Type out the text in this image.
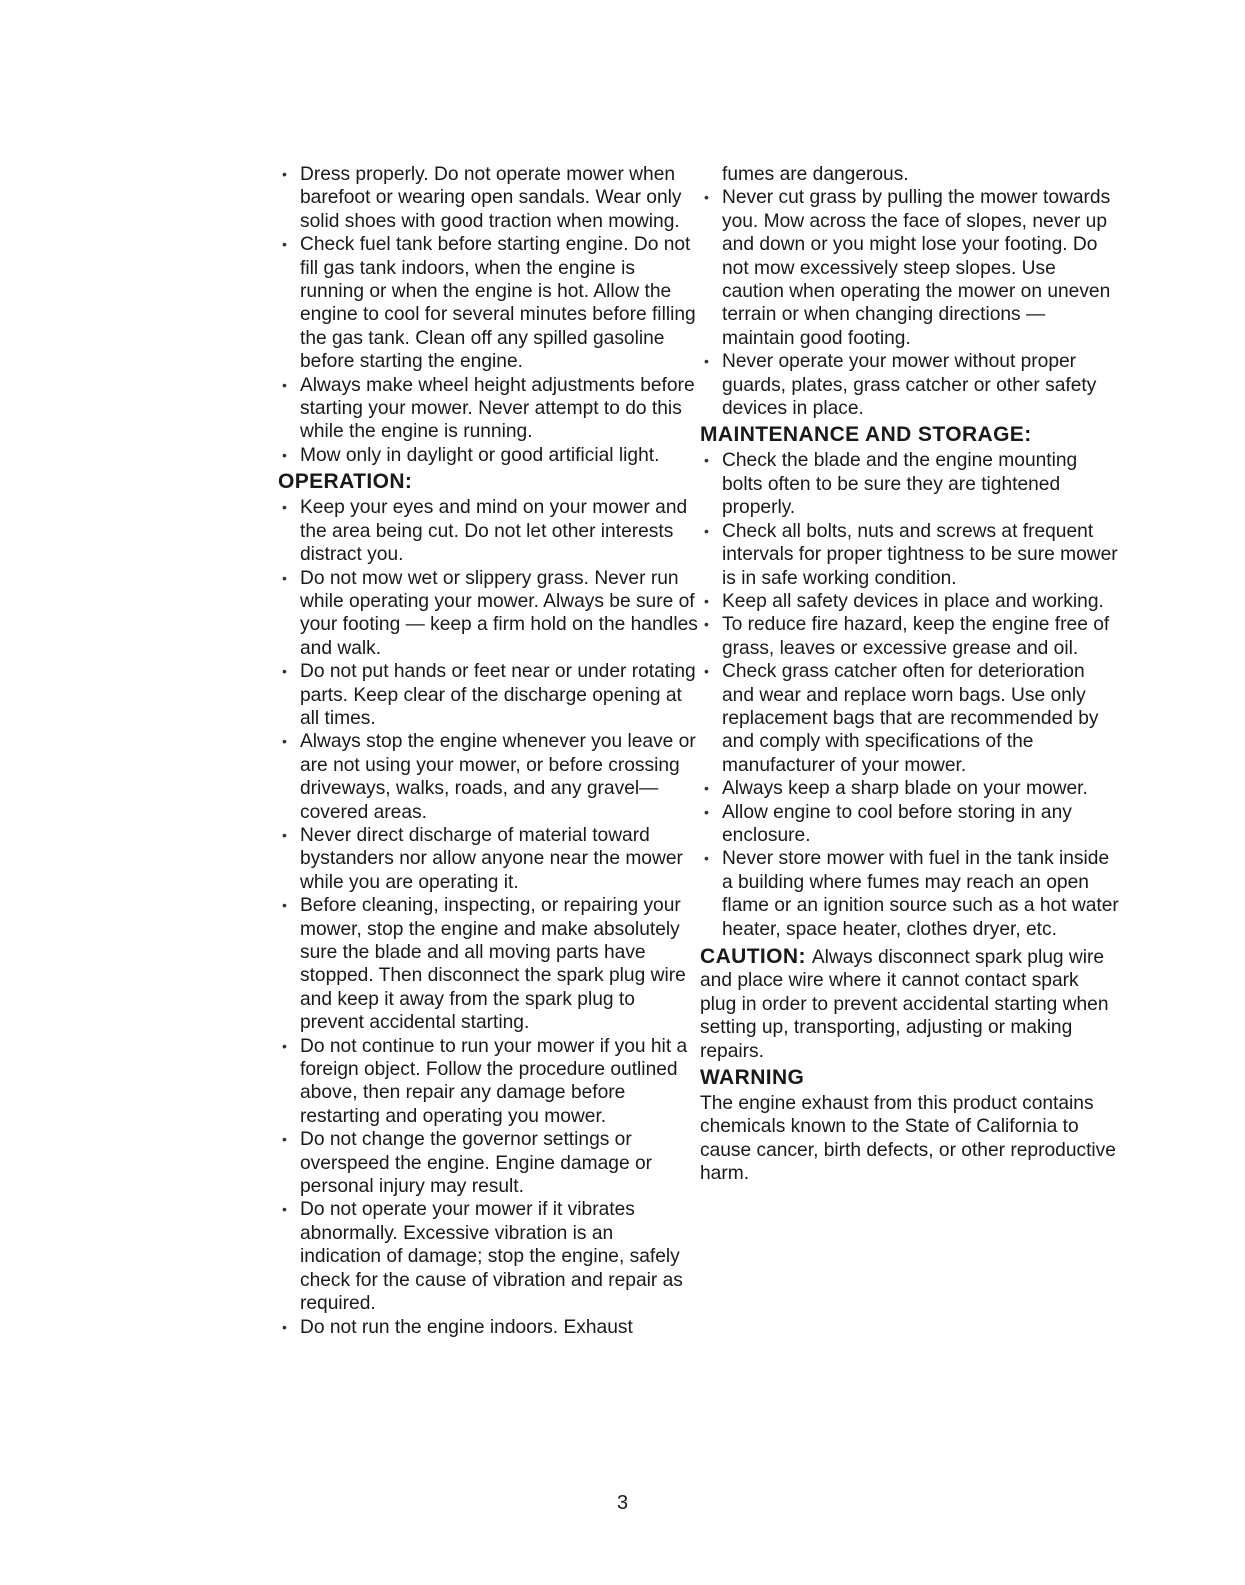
• Dress properly. Do not operate mower when barefoot or wearing open sandals. Wear only solid shoes with good traction when mowing.
• Check fuel tank before starting engine. Do not fill gas tank indoors, when the engine is running or when the engine is hot. Allow the engine to cool for several minutes before filling the gas tank. Clean off any spilled gasoline before starting the engine.
• Always make wheel height adjustments before starting your mower. Never attempt to do this while the engine is running.
• Mow only in daylight or good artificial light.
OPERATION:
• Keep your eyes and mind on your mower and the area being cut. Do not let other interests distract you.
• Do not mow wet or slippery grass. Never run while operating your mower. Always be sure of your footing — keep a firm hold on the handles and walk.
• Do not put hands or feet near or under rotating parts. Keep clear of the discharge opening at all times.
• Always stop the engine whenever you leave or are not using your mower, or before crossing driveways, walks, roads, and any gravel—covered areas.
• Never direct discharge of material toward bystanders nor allow anyone near the mower while you are operating it.
• Before cleaning, inspecting, or repairing your mower, stop the engine and make absolutely sure the blade and all moving parts have stopped. Then disconnect the spark plug wire and keep it away from the spark plug to prevent accidental starting.
• Do not continue to run your mower if you hit a foreign object. Follow the procedure outlined above, then repair any damage before restarting and operating you mower.
• Do not change the governor settings or overspeed the engine. Engine damage or personal injury may result.
• Do not operate your mower if it vibrates abnormally. Excessive vibration is an indication of damage; stop the engine, safely check for the cause of vibration and repair as required.
• Do not run the engine indoors. Exhaust

fumes are dangerous.

• Never cut grass by pulling the mower towards you. Mow across the face of slopes, never up and down or you might lose your footing. Do not mow excessively steep slopes. Use caution when operating the mower on uneven terrain or when changing directions — maintain good footing.
• Never operate your mower without proper guards, plates, grass catcher or other safety devices in place.
MAINTENANCE AND STORAGE:
• Check the blade and the engine mounting bolts often to be sure they are tightened properly.
• Check all bolts, nuts and screws at frequent intervals for proper tightness to be sure mower is in safe working condition.
• Keep all safety devices in place and working.
• To reduce fire hazard, keep the engine free of grass, leaves or excessive grease and oil.
• Check grass catcher often for deterioration and wear and replace worn bags. Use only replacement bags that are recommended by and comply with specifications of the manufacturer of your mower.
• Always keep a sharp blade on your mower.
• Allow engine to cool before storing in any enclosure.
• Never store mower with fuel in the tank inside a building where fumes may reach an open flame or an ignition source such as a hot water heater, space heater, clothes dryer, etc.

CAUTION: Always disconnect spark plug wire and place wire where it cannot contact spark plug in order to prevent accidental starting when setting up, transporting, adjusting or making repairs.

WARNING

The engine exhaust from this product contains chemicals known to the State of California to cause cancer, birth defects, or other reproductive harm.

3
